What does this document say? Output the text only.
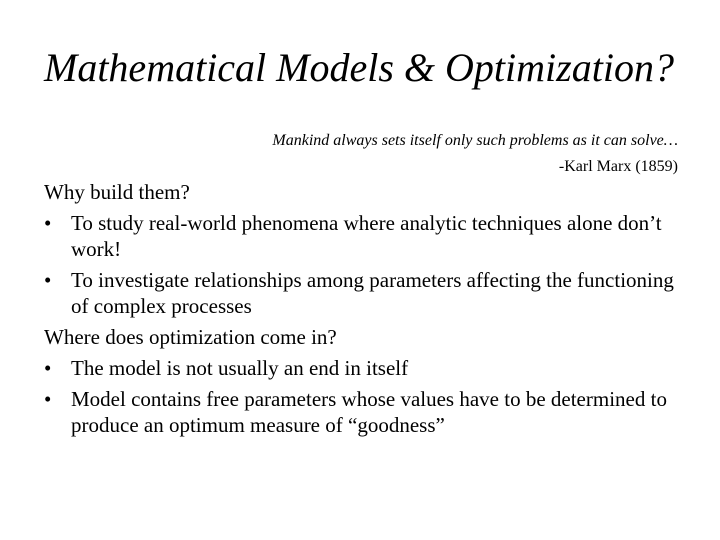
Mathematical Models & Optimization?
Mankind always sets itself only such problems as it can solve…
-Karl Marx (1859)

Why build them?

• To study real-world phenomena where analytic techniques alone don’t work!
• To investigate relationships among parameters affecting the functioning of complex processes

Where does optimization come in?

• The model is not usually an end in itself
• Model contains free parameters whose values have to be determined to produce an optimum measure of “goodness”
